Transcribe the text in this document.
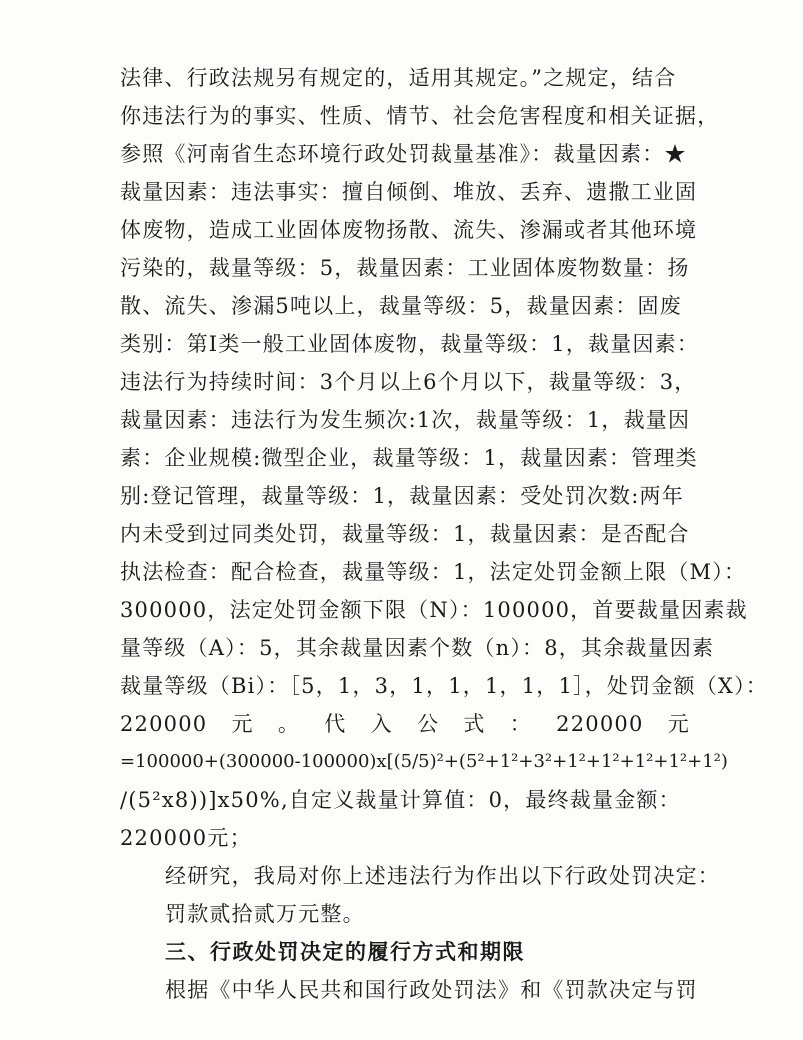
法律、行政法规另有规定的，适用其规定。”之规定，结合
你违法行为的事实、性质、情节、社会危害程度和相关证据，
参照《河南省生态环境行政处罚裁量基准》：裁量因素：★
裁量因素：违法事实：擅自倾倒、堆放、丢弃、遗撒工业固
体废物，造成工业固体废物扬散、流失、渗漏或者其他环境
污染的，裁量等级：5，裁量因素：工业固体废物数量：扬
散、流失、渗漏5吨以上，裁量等级：5，裁量因素：固废
类别：第Ⅰ类一般工业固体废物，裁量等级：1，裁量因素：
违法行为持续时间：3个月以上6个月以下，裁量等级：3，
裁量因素：违法行为发生频次:1次，裁量等级：1，裁量因
素：企业规模:微型企业，裁量等级：1，裁量因素：管理类
别:登记管理，裁量等级：1，裁量因素：受处罚次数:两年
内未受到过同类处罚，裁量等级：1，裁量因素：是否配合
执法检查：配合检查，裁量等级：1，法定处罚金额上限（M）：
300000，法定处罚金额下限（N）：100000，首要裁量因素裁
量等级（A）：5，其余裁量因素个数（n）：8，其余裁量因素
裁量等级（Bi）：［5，1，3，1，1，1，1，1］，处罚金额（X）：
220000 元 。 代 入 公 式 ： 220000 元
=100000+(300000-100000)x[(5/5)²+(5²+1²+3²+1²+1²+1²+1²+1²)
/(5²x8))]x50%,自定义裁量计算值：0，最终裁量金额：
220000元；
经研究，我局对你上述违法行为作出以下行政处罚决定：
罚款贰拾贰万元整。
三、行政处罚决定的履行方式和期限
根据《中华人民共和国行政处罚法》和《罚款决定与罚
